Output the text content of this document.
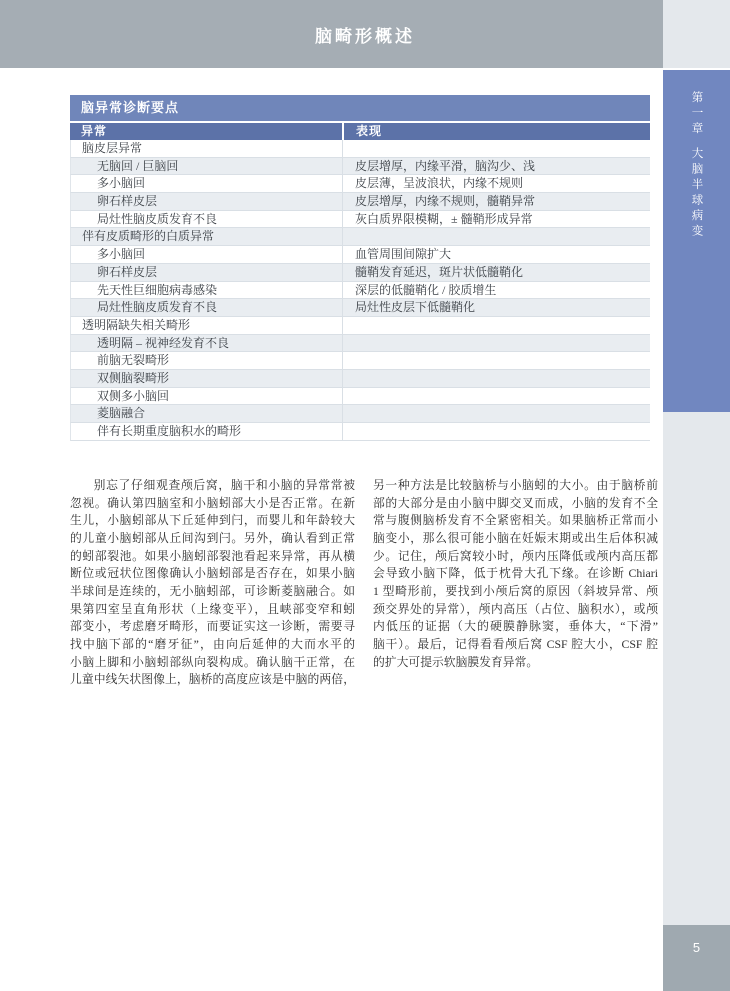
脑畸形概述
第一章
大脑半球病变
5
脑异常诊断要点
异常	表现
脑皮层异常
无脑回 / 巨脑回	皮层增厚，内缘平滑，脑沟少、浅
多小脑回	皮层薄，呈波浪状，内缘不规则
卵石样皮层	皮层增厚，内缘不规则，髓鞘异常
局灶性脑皮质发育不良	灰白质界限模糊，± 髓鞘形成异常
伴有皮质畸形的白质异常
多小脑回	血管周围间隙扩大
卵石样皮层	髓鞘发育延迟，斑片状低髓鞘化
先天性巨细胞病毒感染	深层的低髓鞘化 / 胶质增生
局灶性脑皮质发育不良	局灶性皮层下低髓鞘化
透明隔缺失相关畸形
透明隔 – 视神经发育不良
前脑无裂畸形
双侧脑裂畸形
双侧多小脑回
菱脑融合
伴有长期重度脑积水的畸形
别忘了仔细观查颅后窝，脑干和小脑的异常常被
忽视。确认第四脑室和小脑蚓部大小是否正常。在新
生儿，小脑蚓部从下丘延伸到闩，而婴儿和年龄较大
的儿童小脑蚓部从丘间沟到闩。另外，确认看到正常
的蚓部裂池。如果小脑蚓部裂池看起来异常，再从横
断位或冠状位图像确认小脑蚓部是否存在，如果小脑
半球间是连续的，无小脑蚓部，可诊断菱脑融合。如
果第四室呈直角形状（上缘变平），且峡部变窄和蚓
部变小，考虑磨牙畸形，而要证实这一诊断，需要寻
找中脑下部的“磨牙征”，由向后延伸的大而水平的
小脑上脚和小脑蚓部纵向裂构成。确认脑干正常，在
儿童中线矢状图像上，脑桥的高度应该是中脑的两倍，
另一种方法是比较脑桥与小脑蚓的大小。由于脑桥前
部的大部分是由小脑中脚交叉而成，小脑的发育不全
常与腹侧脑桥发育不全紧密相关。如果脑桥正常而小
脑变小，那么很可能小脑在妊娠末期或出生后体积减
少。记住，颅后窝较小时，颅内压降低或颅内高压都
会导致小脑下降，低于枕骨大孔下缘。在诊断 Chiari
1 型畸形前，要找到小颅后窝的原因（斜坡异常、颅
颈交界处的异常），颅内高压（占位、脑积水），或颅
内低压的证据（大的硬膜静脉窦，垂体大，“下滑”
脑干）。最后，记得看看颅后窝 CSF 腔大小，CSF 腔
的扩大可提示软脑膜发育异常。
